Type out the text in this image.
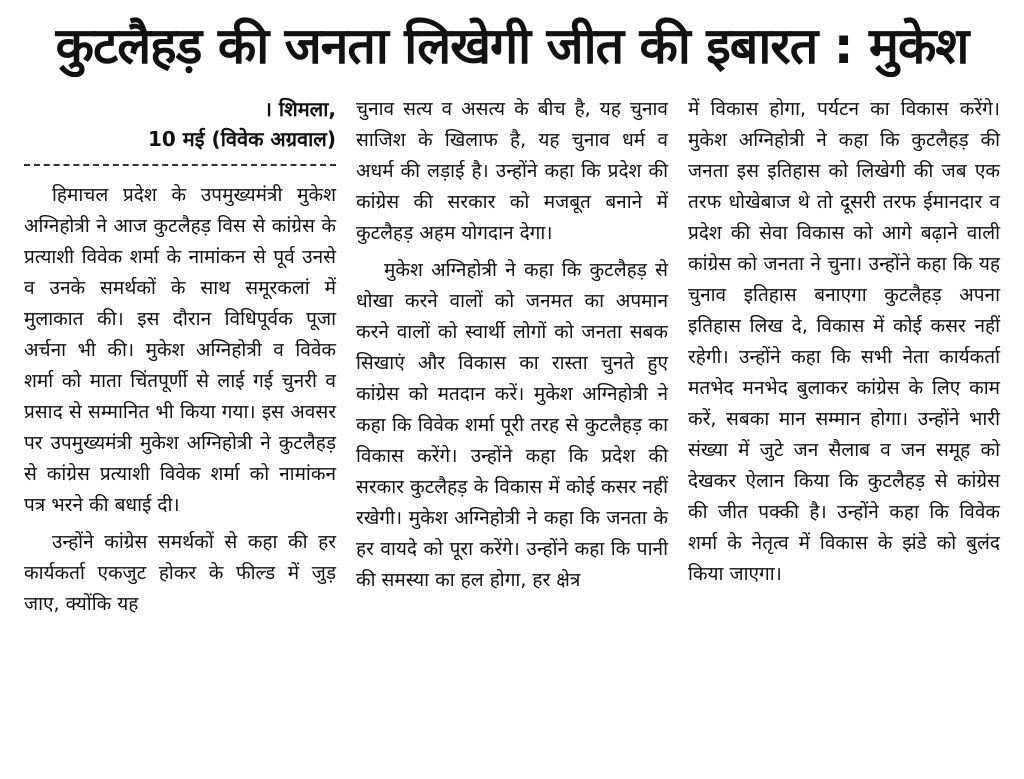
कुटलैहड़ की जनता लिखेगी जीत की इबारत : मुकेश
। शिमला,
10 मई (विवेक अग्रवाल)

हिमाचल प्रदेश के उपमुख्यमंत्री मुकेश अग्निहोत्री ने आज कुटलैहड़ विस से कांग्रेस के प्रत्याशी विवेक शर्मा के नामांकन से पूर्व उनसे व उनके समर्थकों के साथ समूरकलां में मुलाकात की। इस दौरान विधिपूर्वक पूजा अर्चना भी की। मुकेश अग्निहोत्री व विवेक शर्मा को माता चिंतपूर्णी से लाई गई चुनरी व प्रसाद से सम्मानित भी किया गया। इस अवसर पर उपमुख्यमंत्री मुकेश अग्निहोत्री ने कुटलैहड़ से कांग्रेस प्रत्याशी विवेक शर्मा को नामांकन पत्र भरने की बधाई दी।

उन्होंने कांग्रेस समर्थकों से कहा की हर कार्यकर्ता एकजुट होकर के फील्ड में जुड़ जाए, क्योंकि यह

चुनाव सत्य व असत्य के बीच है, यह चुनाव साजिश के खिलाफ है, यह चुनाव धर्म व अधर्म की लड़ाई है। उन्होंने कहा कि प्रदेश की कांग्रेस की सरकार को मजबूत बनाने में कुटलैहड़ अहम योगदान देगा।

मुकेश अग्निहोत्री ने कहा कि कुटलैहड़ से धोखा करने वालों को जनमत का अपमान करने वालों को स्वार्थी लोगों को जनता सबक सिखाएं और विकास का रास्ता चुनते हुए कांग्रेस को मतदान करें। मुकेश अग्निहोत्री ने कहा कि विवेक शर्मा पूरी तरह से कुटलैहड़ का विकास करेंगे। उन्होंने कहा कि प्रदेश की सरकार कुटलैहड़ के विकास में कोई कसर नहीं रखेगी। मुकेश अग्निहोत्री ने कहा कि जनता के हर वायदे को पूरा करेंगे। उन्होंने कहा कि पानी की समस्या का हल होगा, हर क्षेत्र

में विकास होगा, पर्यटन का विकास करेंगे। मुकेश अग्निहोत्री ने कहा कि कुटलैहड़ की जनता इस इतिहास को लिखेगी की जब एक तरफ धोखेबाज थे तो दूसरी तरफ ईमानदार व प्रदेश की सेवा विकास को आगे बढ़ाने वाली कांग्रेस को जनता ने चुना। उन्होंने कहा कि यह चुनाव इतिहास बनाएगा कुटलैहड़ अपना इतिहास लिख दे, विकास में कोई कसर नहीं रहेगी। उन्होंने कहा कि सभी नेता कार्यकर्ता मतभेद मनभेद बुलाकर कांग्रेस के लिए काम करें, सबका मान सम्मान होगा। उन्होंने भारी संख्या में जुटे जन सैलाब व जन समूह को देखकर ऐलान किया कि कुटलैहड़ से कांग्रेस की जीत पक्की है। उन्होंने कहा कि विवेक शर्मा के नेतृत्व में विकास के झंडे को बुलंद किया जाएगा।
